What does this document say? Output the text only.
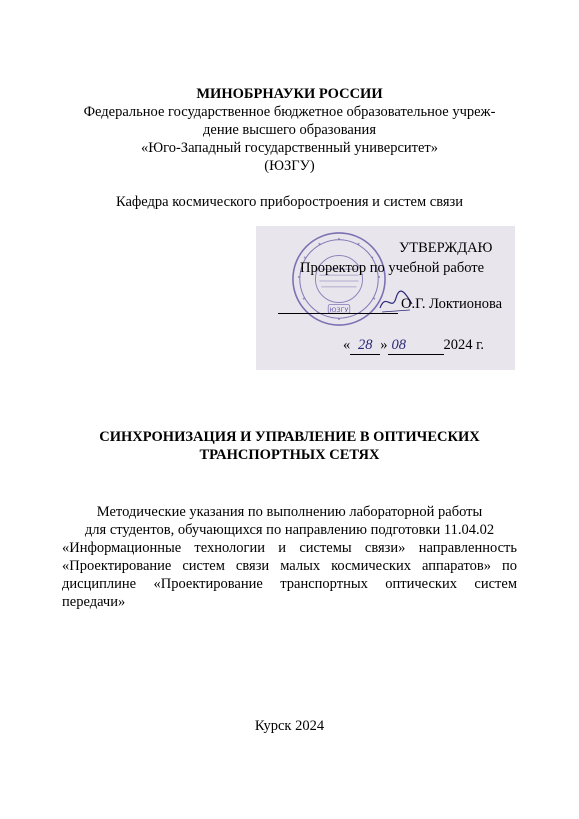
МИНОБРНАУКИ РОССИИ
Федеральное государственное бюджетное образовательное учреж-
дение высшего образования
«Юго-Западный государственный университет»
(ЮЗГУ)
Кафедра космического приборостроения и систем связи
ЮЗГУ
УТВЕРЖДАЮ
Проректор по учебной работе
О.Г. Локтионова
« 28 » 08	2024 г.
СИНХРОНИЗАЦИЯ И УПРАВЛЕНИЕ В ОПТИЧЕСКИХ
ТРАНСПОРТНЫХ СЕТЯХ
Методические указания по выполнению лабораторной работы
для студентов, обучающихся по направлению подготовки 11.04.02
«Информационные технологии и системы связи» направленность
«Проектирование систем связи малых космических аппаратов» по
дисциплине «Проектирование транспортных оптических систем
передачи»
Курск 2024
